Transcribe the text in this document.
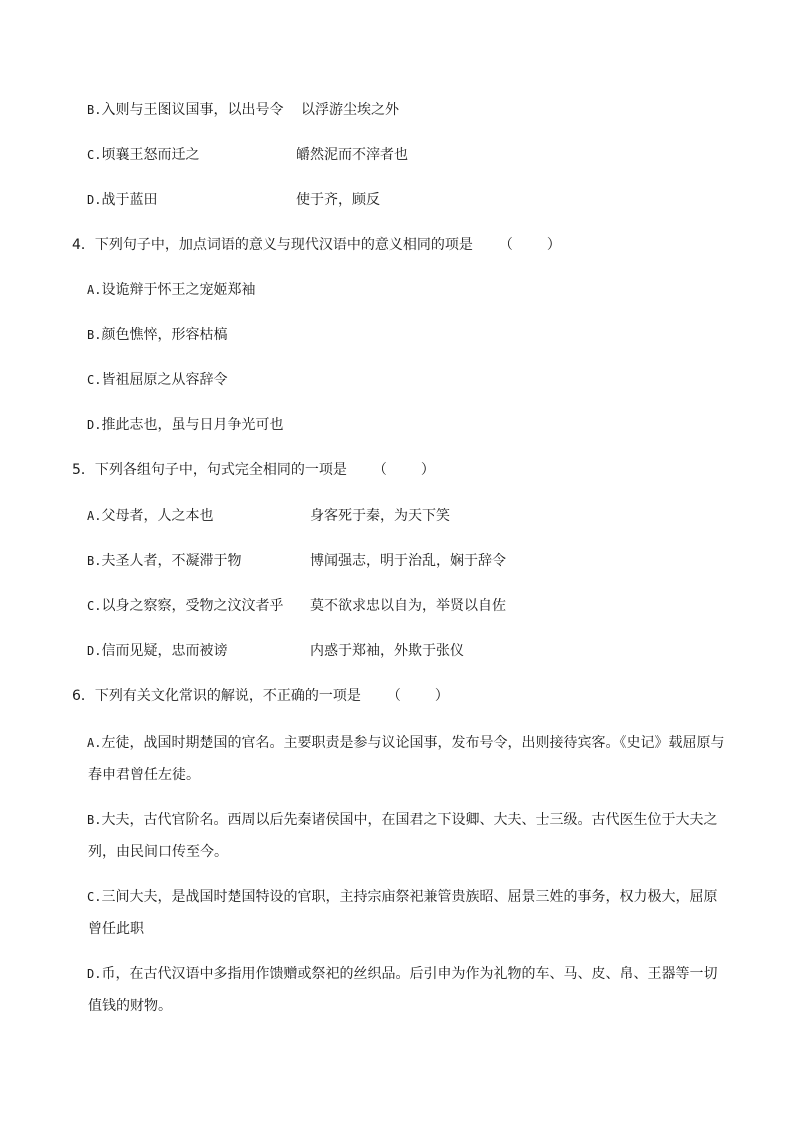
B.入则与王图议国事，以出号令 以浮游尘埃之外
C.顷襄王怒而迁之	皭然泥而不滓者也
D.战于蓝田	使于齐，顾反
4．下列句子中，加点词语的意义与现代汉语中的意义相同的项是 （ ）
A.设诡辩于怀王之宠姬郑袖
B.颜色憔悴，形容枯槁
C.皆祖屈原之从容辞令
D.推此志也，虽与日月争光可也
5．下列各组句子中，句式完全相同的一项是 （ ）
A.父母者，人之本也	身客死于秦，为天下笑
B.夫圣人者，不凝滞于物	博闻强志，明于治乱，娴于辞令
C.以身之察察，受物之汶汶者乎 莫不欲求忠以自为，举贤以自佐
D.信而见疑，忠而被谤	内惑于郑袖，外欺于张仪
6．下列有关文化常识的解说，不正确的一项是 （ ）
A.左徒，战国时期楚国的官名。主要职责是参与议论国事，发布号令，出则接待宾客。《史记》载屈原与
春申君曾任左徒。
B.大夫，古代官阶名。西周以后先秦诸侯国中，在国君之下设卿、大夫、士三级。古代医生位于大夫之
列，由民间口传至今。
C.三间大夫，是战国时楚国特设的官职，主持宗庙祭祀兼管贵族昭、屈景三姓的事务，权力极大，屈原
曾任此职
D.币，在古代汉语中多指用作馈赠或祭祀的丝织品。后引申为作为礼物的车、马、皮、帛、王器等一切
值钱的财物。
